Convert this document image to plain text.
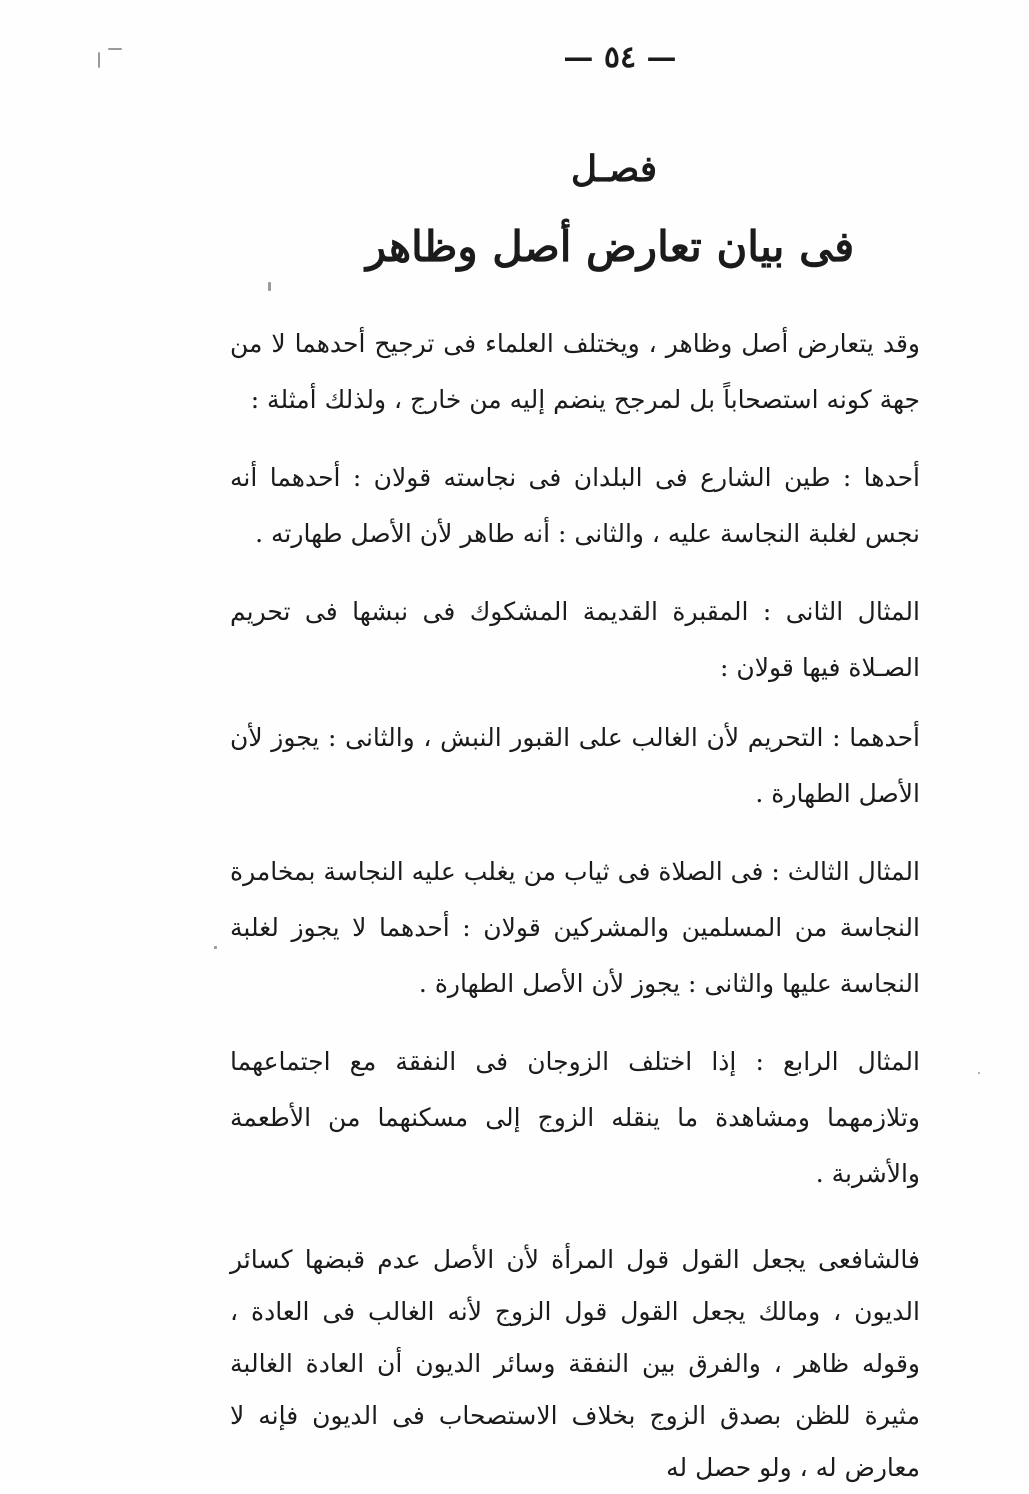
— ٥٤ —
فصـل
فى بيان تعارض أصل وظاهر

وقد يتعارض أصل وظاهر ، ويختلف العلماء فى ترجيح أحدهما لا من جهة كونه استصحاباً بل لمرجح ينضم إليه من خارج ، ولذلك أمثلة :

أحدها : طين الشارع فى البلدان فى نجاسته قولان : أحدهما أنه نجس لغلبة النجاسة عليه ، والثانى : أنه طاهر لأن الأصل طهارته .

المثال الثانى : المقبرة القديمة المشكوك فى نبشها فى تحريم الصـلاة فيها قولان :

أحدهما : التحريم لأن الغالب على القبور النبش ، والثانى : يجوز لأن الأصل الطهارة .

المثال الثالث : فى الصلاة فى ثياب من يغلب عليه النجاسة بمخامرة النجاسة من المسلمين والمشركين قولان : أحدهما لا يجوز لغلبة النجاسة عليها والثانى : يجوز لأن الأصل الطهارة .

المثال الرابع : إذا اختلف الزوجان فى النفقة مع اجتماعهما وتلازمهما ومشاهدة ما ينقله الزوج إلى مسكنهما من الأطعمة والأشربة .

فالشافعى يجعل القول قول المرأة لأن الأصل عدم قبضها كسائر الديون ، ومالك يجعل القول قول الزوج لأنه الغالب فى العادة ، وقوله ظاهر ، والفرق بين النفقة وسائر الديون أن العادة الغالبة مثيرة للظن بصدق الزوج بخلاف الاستصحاب فى الديون فإنه لا معارض له ، ولو حصل له
